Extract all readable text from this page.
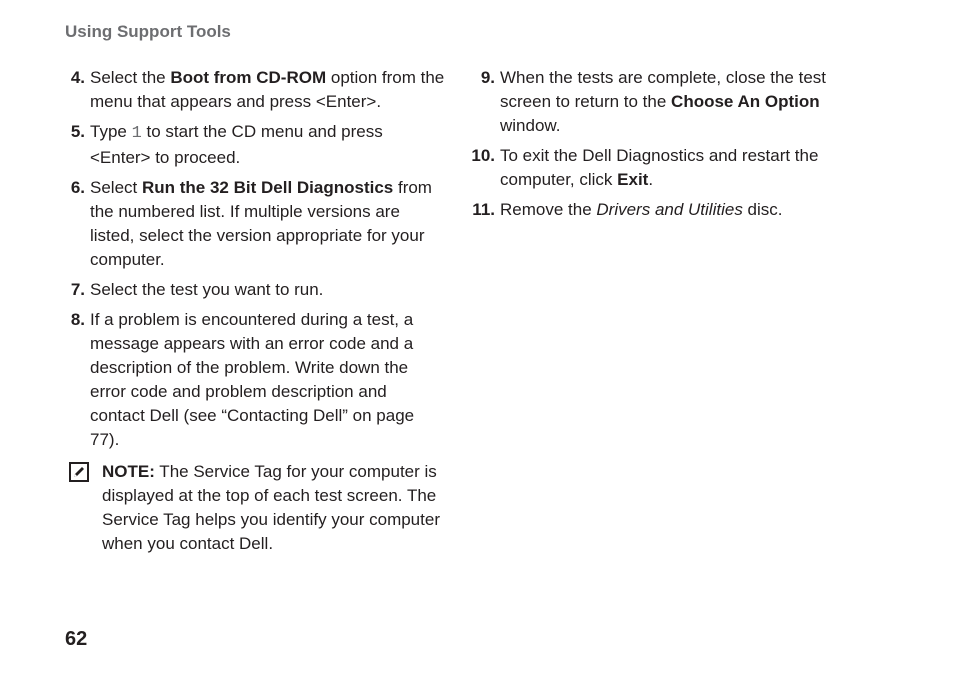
Using Support Tools
4. Select the Boot from CD-ROM option from the menu that appears and press <Enter>.
5. Type 1 to start the CD menu and press <Enter> to proceed.
6. Select Run the 32 Bit Dell Diagnostics from the numbered list. If multiple versions are listed, select the version appropriate for your computer.
7. Select the test you want to run.
8. If a problem is encountered during a test, a message appears with an error code and a description of the problem. Write down the error code and problem description and contact Dell (see “Contacting Dell” on page 77).
NOTE: The Service Tag for your computer is displayed at the top of each test screen. The Service Tag helps you identify your computer when you contact Dell.
9. When the tests are complete, close the test screen to return to the Choose An Option window.
10. To exit the Dell Diagnostics and restart the computer, click Exit.
11. Remove the Drivers and Utilities disc.
62
